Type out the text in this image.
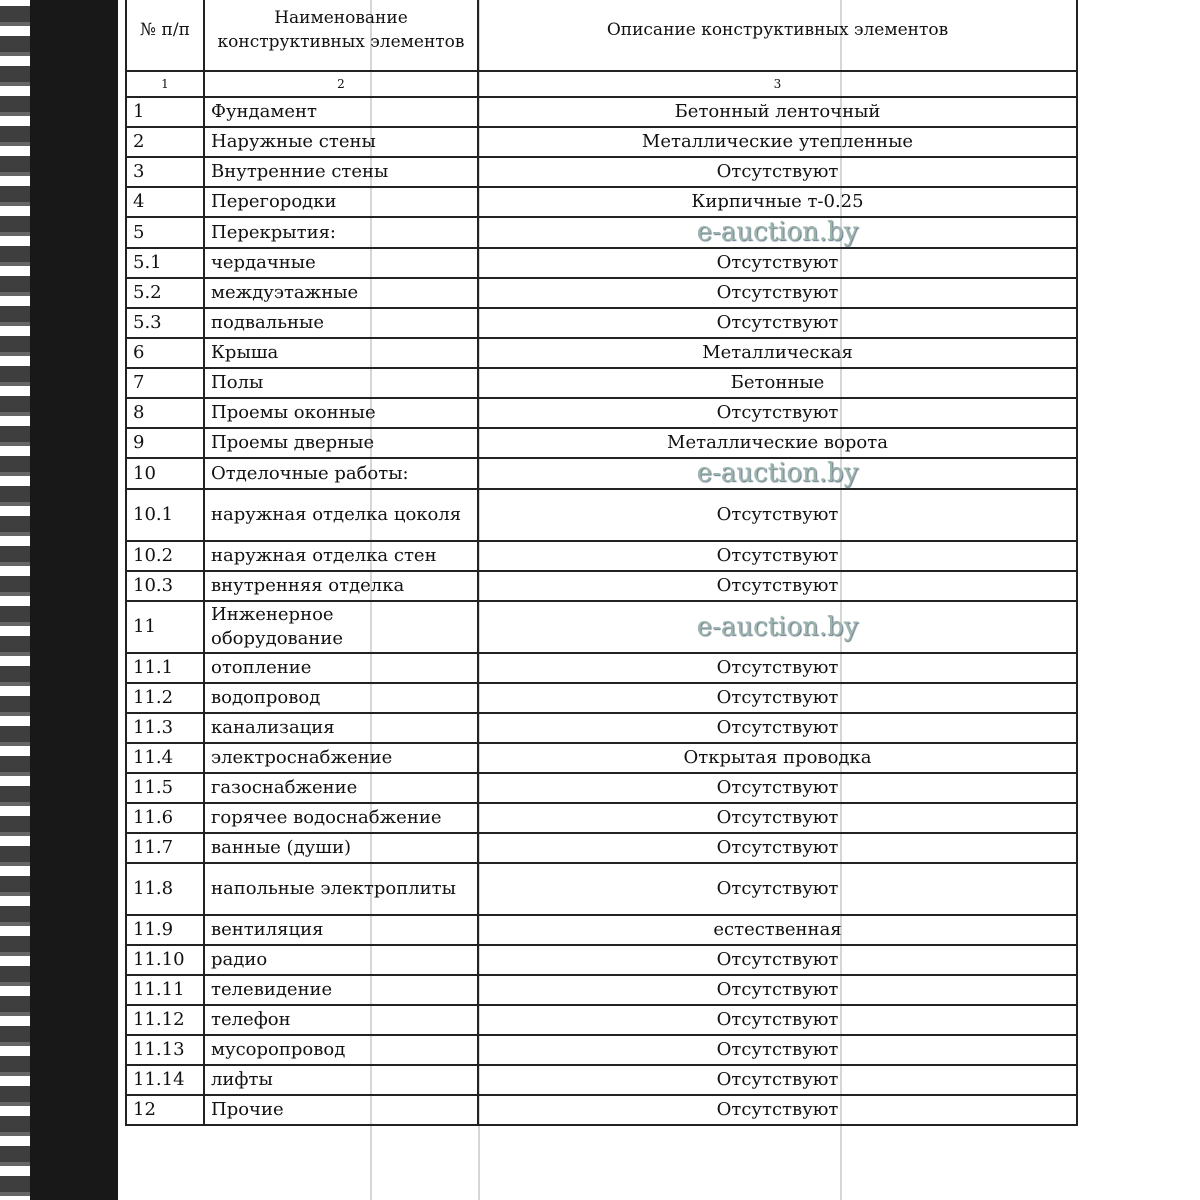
№ п/п	Наименование конструктивных элементов	Описание конструктивных элементов
1	2	3
1	Фундамент	Бетонный ленточный
2	Наружные стены	Металлические утепленные
3	Внутренние стены	Отсутствуют
4	Перегородки	Кирпичные т-0.25
5	Перекрытия:	e-auction.by
5.1	чердачные	Отсутствуют
5.2	междуэтажные	Отсутствуют
5.3	подвальные	Отсутствуют
6	Крыша	Металлическая
7	Полы	Бетонные
8	Проемы оконные	Отсутствуют
9	Проемы дверные	Металлические ворота
10	Отделочные работы:	e-auction.by
10.1	наружная отделка цоколя	Отсутствуют
10.2	наружная отделка стен	Отсутствуют
10.3	внутренняя отделка	Отсутствуют
11	Инженерное оборудование	e-auction.by
11.1	отопление	Отсутствуют
11.2	водопровод	Отсутствуют
11.3	канализация	Отсутствуют
11.4	электроснабжение	Открытая проводка
11.5	газоснабжение	Отсутствуют
11.6	горячее водоснабжение	Отсутствуют
11.7	ванные (души)	Отсутствуют
11.8	напольные электроплиты	Отсутствуют
11.9	вентиляция	естественная
11.10	радио	Отсутствуют
11.11	телевидение	Отсутствуют
11.12	телефон	Отсутствуют
11.13	мусоропровод	Отсутствуют
11.14	лифты	Отсутствуют
12	Прочие	Отсутствуют
